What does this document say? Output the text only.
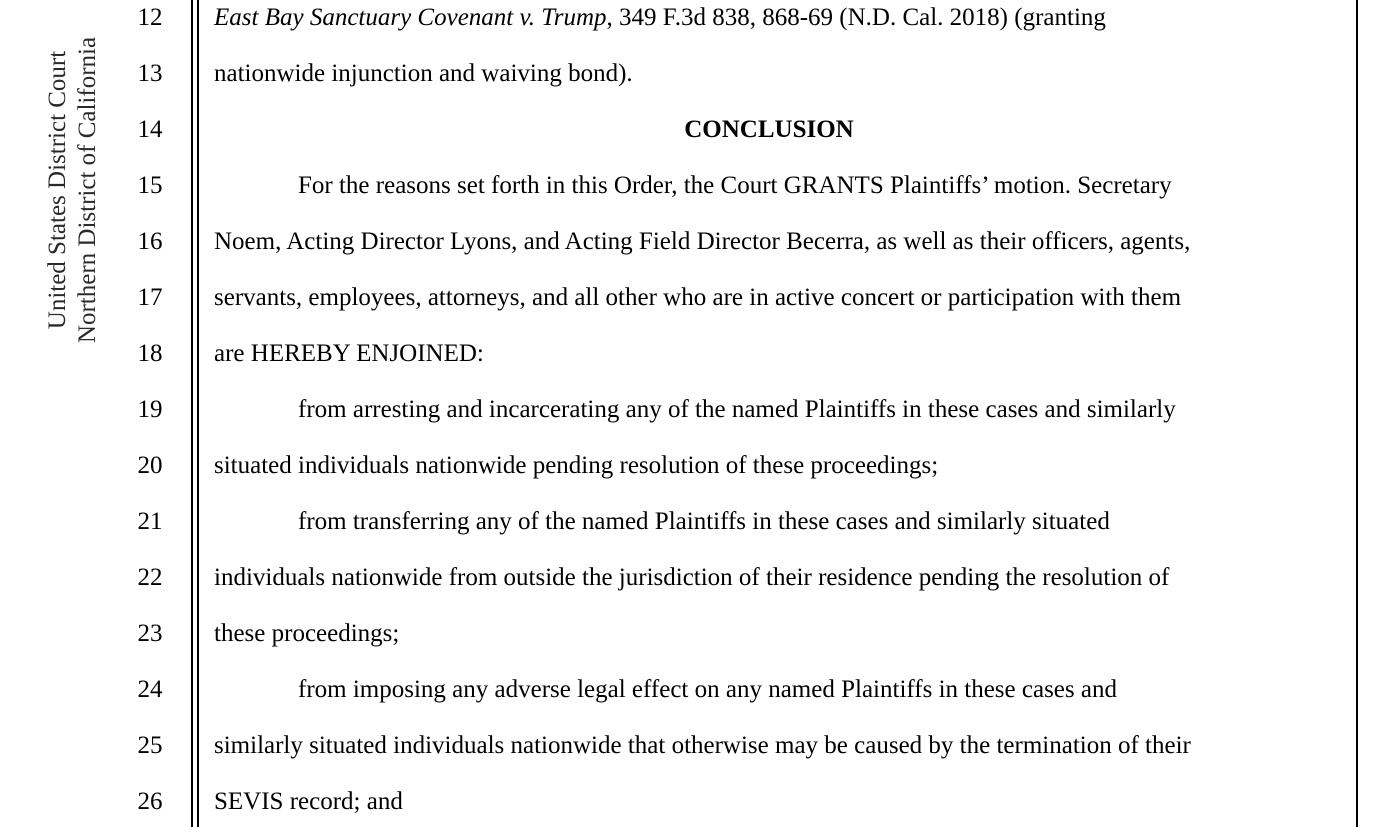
United States District Court Northern District of California
12
13
14
15
16
17
18
19
20
21
22
23
24
25
26
East Bay Sanctuary Covenant v. Trump, 349 F.3d 838, 868-69 (N.D. Cal. 2018) (granting
nationwide injunction and waiving bond).
CONCLUSION
For the reasons set forth in this Order, the Court GRANTS Plaintiffs’ motion. Secretary
Noem, Acting Director Lyons, and Acting Field Director Becerra, as well as their officers, agents,
servants, employees, attorneys, and all other who are in active concert or participation with them
are HEREBY ENJOINED:
from arresting and incarcerating any of the named Plaintiffs in these cases and similarly
situated individuals nationwide pending resolution of these proceedings;
from transferring any of the named Plaintiffs in these cases and similarly situated
individuals nationwide from outside the jurisdiction of their residence pending the resolution of
these proceedings;
from imposing any adverse legal effect on any named Plaintiffs in these cases and
similarly situated individuals nationwide that otherwise may be caused by the termination of their
SEVIS record; and
